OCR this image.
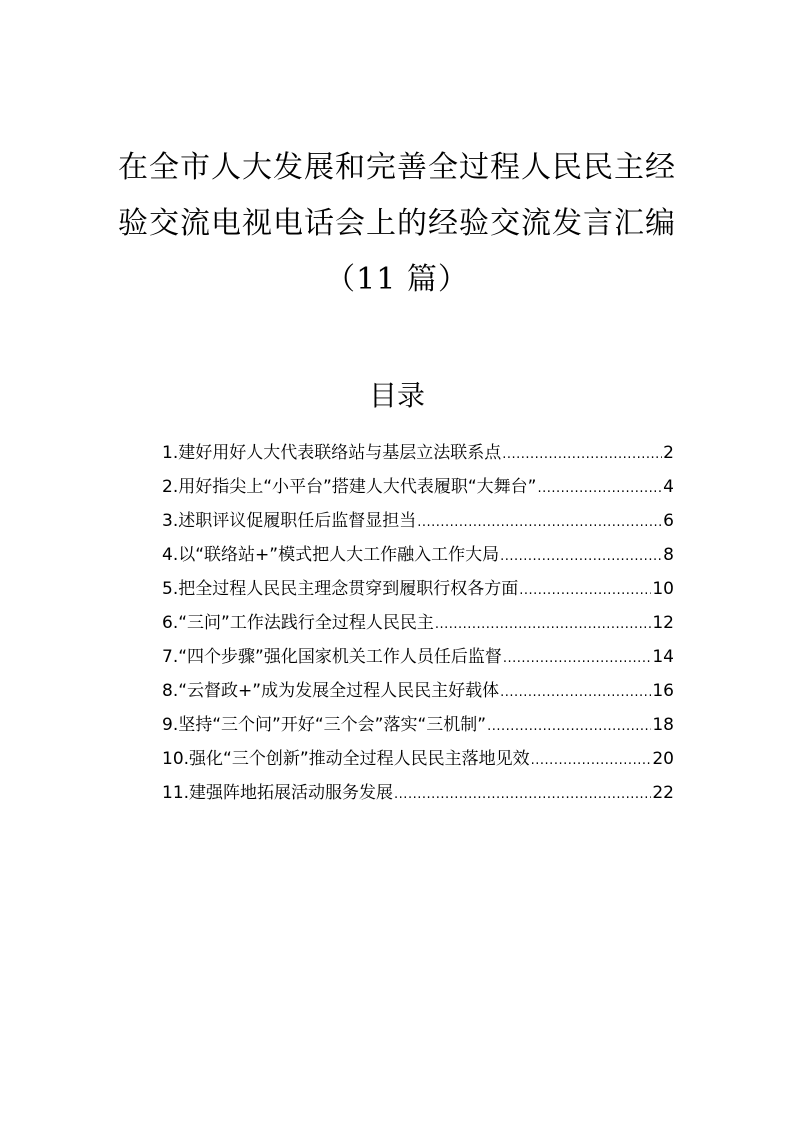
在全市人大发展和完善全过程人民民主经
验交流电视电话会上的经验交流发言汇编
（11 篇）
目录
1.建好用好人大代表联络站与基层立法联系点 .....	2
2.用好指尖上“小平台”搭建人大代表履职“大舞台” .....	4
3.述职评议促履职任后监督显担当 .....	6
4.以“联络站+”模式把人大工作融入工作大局 .....	8
5.把全过程人民民主理念贯穿到履职行权各方面 .....	10
6.“三问”工作法践行全过程人民民主 .....	12
7.“四个步骤”强化国家机关工作人员任后监督 .....	14
8.“云督政+”成为发展全过程人民民主好载体 .....	16
9.坚持“三个问”开好“三个会”落实“三机制” .....	18
10.强化“三个创新”推动全过程人民民主落地见效 .....	20
11.建强阵地拓展活动服务发展 .....	22
